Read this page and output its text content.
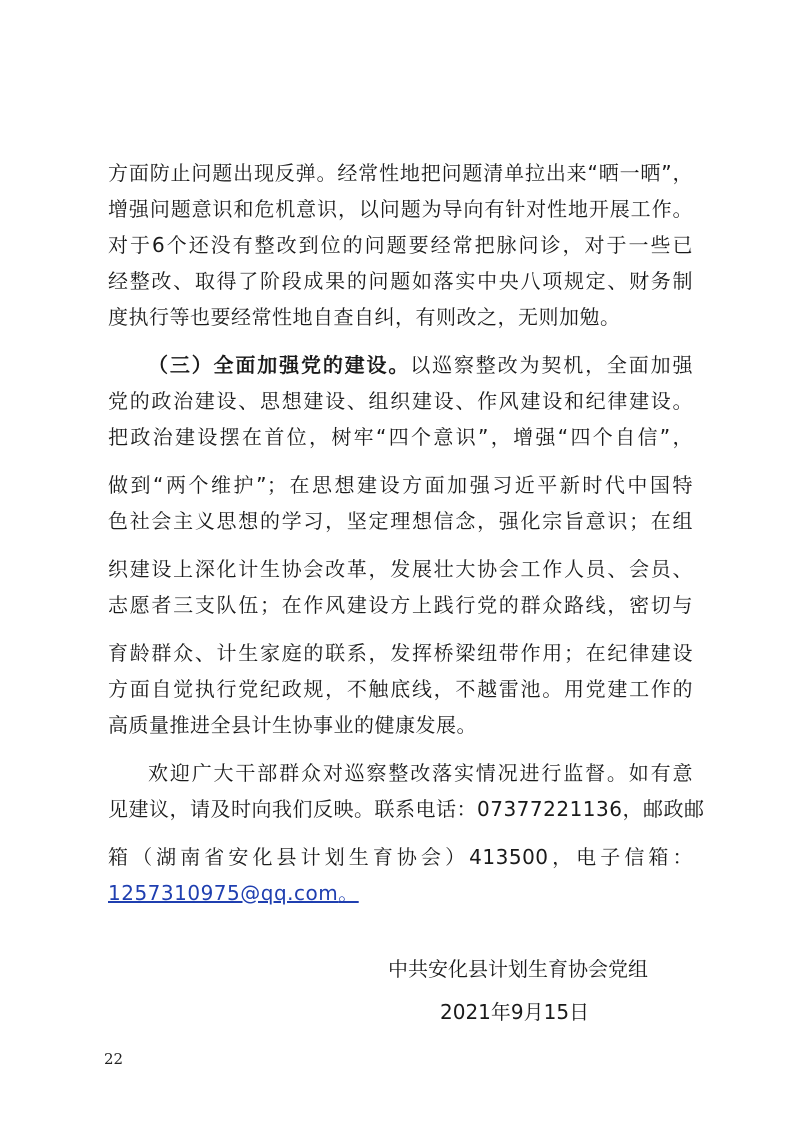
方面防止问题出现反弹。经常性地把问题清单拉出来“晒一晒”，
增强问题意识和危机意识，以问题为导向有针对性地开展工作。
对于6个还没有整改到位的问题要经常把脉问诊，对于一些已
经整改、取得了阶段成果的问题如落实中央八项规定、财务制
度执行等也要经常性地自查自纠，有则改之，无则加勉。
（三）全面加强党的建设。以巡察整改为契机，全面加强
党的政治建设、思想建设、组织建设、作风建设和纪律建设。
把政治建设摆在首位，树牢“四个意识”，增强“四个自信”，
做到“两个维护”；在思想建设方面加强习近平新时代中国特
色社会主义思想的学习，坚定理想信念，强化宗旨意识；在组
织建设上深化计生协会改革，发展壮大协会工作人员、会员、
志愿者三支队伍；在作风建设方上践行党的群众路线，密切与
育龄群众、计生家庭的联系，发挥桥梁纽带作用；在纪律建设
方面自觉执行党纪政规，不触底线，不越雷池。用党建工作的
高质量推进全县计生协事业的健康发展。
欢迎广大干部群众对巡察整改落实情况进行监督。如有意
见建议，请及时向我们反映。联系电话：07377221136，邮政邮
箱（湖南省安化县计划生育协会）413500，电子信箱：
1257310975@qq.com。
中共安化县计划生育协会党组
2021年9月15日
22
